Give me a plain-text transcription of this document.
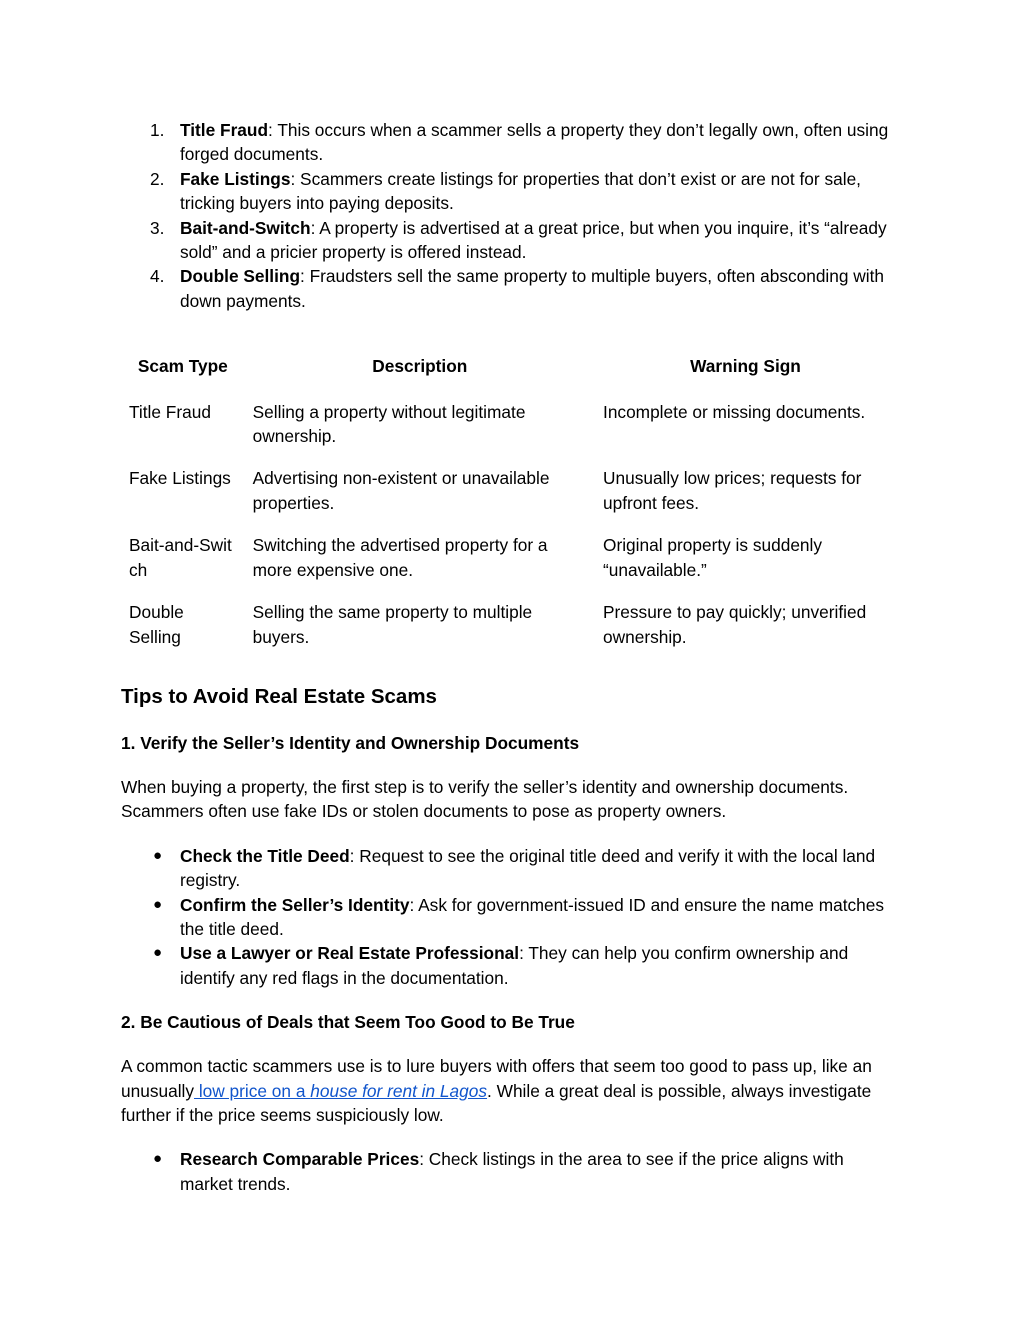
1. Title Fraud: This occurs when a scammer sells a property they don’t legally own, often using forged documents.
2. Fake Listings: Scammers create listings for properties that don’t exist or are not for sale, tricking buyers into paying deposits.
3. Bait-and-Switch: A property is advertised at a great price, but when you inquire, it’s “already sold” and a pricier property is offered instead.
4. Double Selling: Fraudsters sell the same property to multiple buyers, often absconding with down payments.
Scam Type	Description	Warning Sign
Title Fraud	Selling a property without legitimate ownership.	Incomplete or missing documents.
Fake Listings	Advertising non-existent or unavailable properties.	Unusually low prices; requests for upfront fees.
Bait-and-Switch	Switching the advertised property for a more expensive one.	Original property is suddenly “unavailable.”
Double Selling	Selling the same property to multiple buyers.	Pressure to pay quickly; unverified ownership.
Tips to Avoid Real Estate Scams
1. Verify the Seller’s Identity and Ownership Documents

When buying a property, the first step is to verify the seller’s identity and ownership documents. Scammers often use fake IDs or stolen documents to pose as property owners.

● Check the Title Deed: Request to see the original title deed and verify it with the local land registry.
● Confirm the Seller’s Identity: Ask for government-issued ID and ensure the name matches the title deed.
● Use a Lawyer or Real Estate Professional: They can help you confirm ownership and identify any red flags in the documentation.
2. Be Cautious of Deals that Seem Too Good to Be True

A common tactic scammers use is to lure buyers with offers that seem too good to pass up, like an unusually low price on a house for rent in Lagos. While a great deal is possible, always investigate further if the price seems suspiciously low.

● Research Comparable Prices: Check listings in the area to see if the price aligns with market trends.
